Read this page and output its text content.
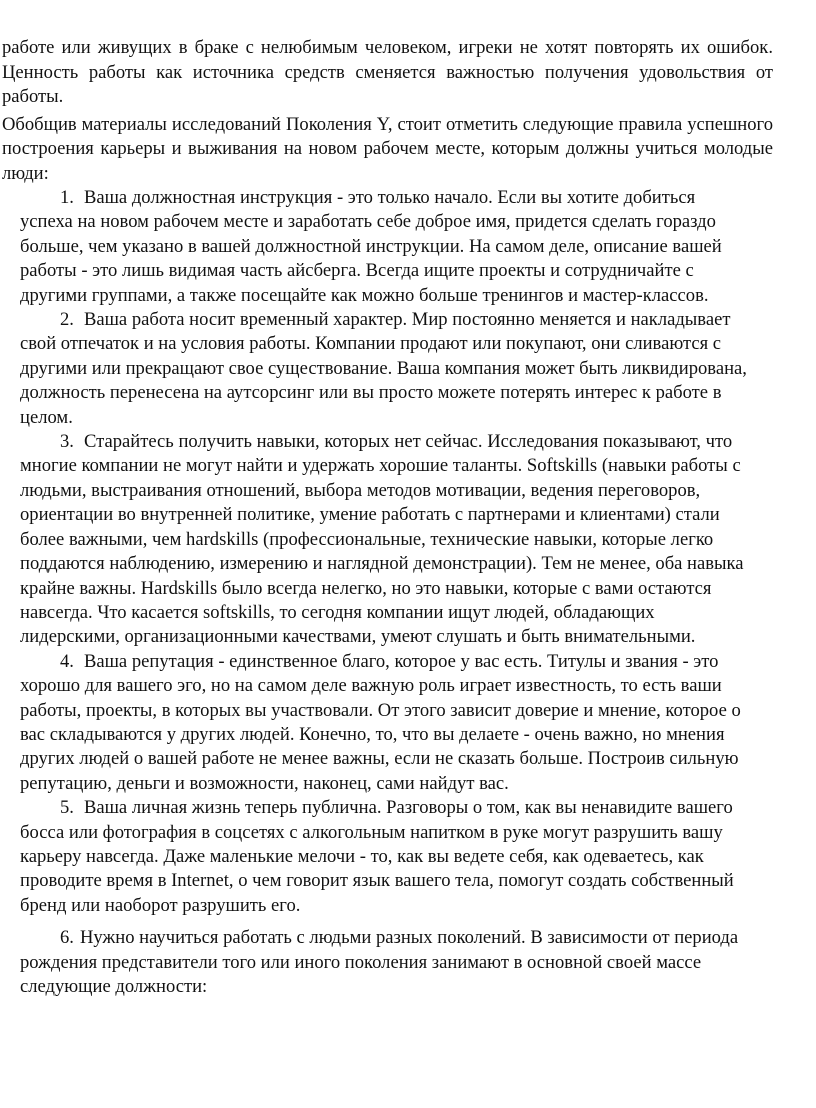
работе или живущих в браке с нелюбимым человеком, игреки не хотят повторять их ошибок. Ценность работы как источника средств сменяется важностью получения удовольствия от работы.

Обобщив материалы исследований Поколения Y, стоит отметить следующие правила успешного построения карьеры и выживания на новом рабочем месте, которым должны учиться молодые люди:

1. Ваша должностная инструкция - это только начало. Если вы хотите добиться успеха на новом рабочем месте и заработать себе доброе имя, придется сделать гораздо больше, чем указано в вашей должностной инструкции. На самом деле, описание вашей работы - это лишь видимая часть айсберга. Всегда ищите проекты и сотрудничайте с другими группами, а также посещайте как можно больше тренингов и мастер-классов.

2. Ваша работа носит временный характер. Мир постоянно меняется и накладывает свой отпечаток и на условия работы. Компании продают или покупают, они сливаются с другими или прекращают свое существование. Ваша компания может быть ликвидирована, должность перенесена на аутсорсинг или вы просто можете потерять интерес к работе в целом.

3. Старайтесь получить навыки, которых нет сейчас. Исследования показывают, что многие компании не могут найти и удержать хорошие таланты. Softskills (навыки работы с людьми, выстраивания отношений, выбора методов мотивации, ведения переговоров, ориентации во внутренней политике, умение работать с партнерами и клиентами) стали более важными, чем hardskills (профессиональные, технические навыки, которые легко поддаются наблюдению, измерению и наглядной демонстрации). Тем не менее, оба навыка крайне важны. Hardskills было всегда нелегко, но это навыки, которые с вами остаются навсегда. Что касается softskills, то сегодня компании ищут людей, обладающих лидерскими, организационными качествами, умеют слушать и быть внимательными.

4. Ваша репутация - единственное благо, которое у вас есть. Титулы и звания - это хорошо для вашего эго, но на самом деле важную роль играет известность, то есть ваши работы, проекты, в которых вы участвовали. От этого зависит доверие и мнение, которое о вас складываются у других людей. Конечно, то, что вы делаете - очень важно, но мнения других людей о вашей работе не менее важны, если не сказать больше. Построив сильную репутацию, деньги и возможности, наконец, сами найдут вас.

5. Ваша личная жизнь теперь публична. Разговоры о том, как вы ненавидите вашего босса или фотография в соцсетях с алкогольным напитком в руке могут разрушить вашу карьеру навсегда. Даже маленькие мелочи - то, как вы ведете себя, как одеваетесь, как проводите время в Internet, о чем говорит язык вашего тела, помогут создать собственный бренд или наоборот разрушить его.

6. Нужно научиться работать с людьми разных поколений. В зависимости от периода рождения представители того или иного поколения занимают в основной своей массе следующие должности:
